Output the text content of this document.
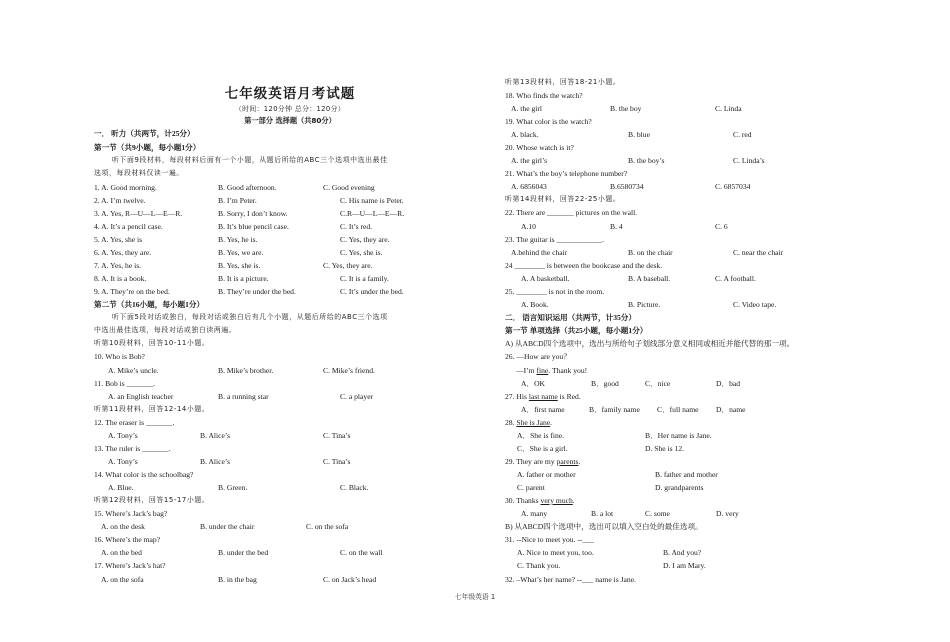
七年级英语月考试题
（时间：120分钟 总分：120分）
第一部分 选择题（共80分）
一． 听力（共两节，计25分）
第一节（共9小题，每小题1分）
听下面9段材料，每段材料后面有一个小题，从题后所给的ABC三个选项中选出最佳
选项，每段材料仅读一遍。
1. A. Good morning.	B. Good afternoon.	C. Good evening
2. A. I’m twelve.	B. I’m Peter.	C. His name is Peter.
3. A. Yes, R—U—L—E—R.	B. Sorry, I don’t know.	C.R—U—L—E—R.
4. A. It’s a pencil case.	B. It’s blue pencil case.	C. It’s red.
5. A. Yes, she is	B. Yes, he is.	C. Yes, they are.
6. A. Yes, they are.	B. Yes, we are.	C. Yes, she is.
7. A. Yes, he is.	B. Yes, she is.	C. Yes, they are.
8. A. It is a book.	B. It is a picture.	C. It is a family.
9. A. They’re on the bed.	B. They’re under the bed.	C. It’s under the bed.
第二节（共16小题，每小题1分）
听下面5段对话或独白，每段对话或独白后有几个小题，从题后所给的ABC三个选项
中选出最佳选项，每段对话或独白读两遍。
听第10段材料，回答10-11小题。
10. Who is Bob?
A. Mike’s uncle.	B. Mike’s brother.	C. Mike’s friend.
11. Bob is _______.
A. an English teacher	B. a running star	C. a player
听第11段材料，回答12-14小题。
12. The eraser is _______.
A. Tony’s	B. Alice’s	C. Tina’s
13. The ruler is _______.
A. Tony’s	B. Alice’s	C. Tina’s
14. What color is the schoolbag?
A. Blue.	B. Green.	C. Black.
听第12段材料，回答15-17小题。
15. Where’s Jack’s bag?
A. on the desk	B. under the chair	C. on the sofa
16. Where’s the map?
A. on the bed	B. under the bed	C. on the wall
17. Where’s Jack’s hat?
A. on the sofa	B. in the bag	C. on Jack’s head
听第13段材料，回答18-21小题。
18. Who finds the watch?
A. the girl	B. the boy	C. Linda
19. What color is the watch?
A. black.	B. blue	C. red
20. Whose watch is it?
A. the girl’s	B. the boy’s	C. Linda’s
21. What’s the boy’s telephone number?
A. 6856043	B.6580734	C. 6857034
听第14段材料，回答22-25小题。
22. There are _______ pictures on the wall.
A.10	B. 4	C. 6
23. The guitar is ____________.
A.behind the chair	B. on the chair	C. near the chair
24 ________ is between the bookcase and the desk.
A. A basketball.	B. A baseball.	C. A football.
25. ________ is not in the room.
A. Book.	B. Picture.	C. Video tape.
二． 语言知识运用（共两节，计35分）
第一节 单项选择（共25小题，每小题1分）
A) 从ABCD四个选项中，选出与所给句子划线部分意义相同或相近并能代替的那一项。
26. —How are you？
—I’m fine. Thank you!
A．OK	B．good	C．nice	D．bad
27. His last name is Red.
A．first name	B．family name C．full name D．name
28. She is Jane.
A．She is fine.	B．Her name is Jane.
C．She is a girl.	D. She is 12.
29. They are my parents.
A. father or mother	B. father and mother
C. parent	D. grandparents
30. Thanks very much.
A. many	B. a lot	C. some	D. very
B) 从ABCD四个选项中，选出可以填入空白处的最佳选项。
31. --Nice to meet you. --___
A. Nice to meet you, too.	B. And you?
C. Thank you.	D. I am Mary.
32. –What’s her name? --___ name is Jane.
七年级英语 1
